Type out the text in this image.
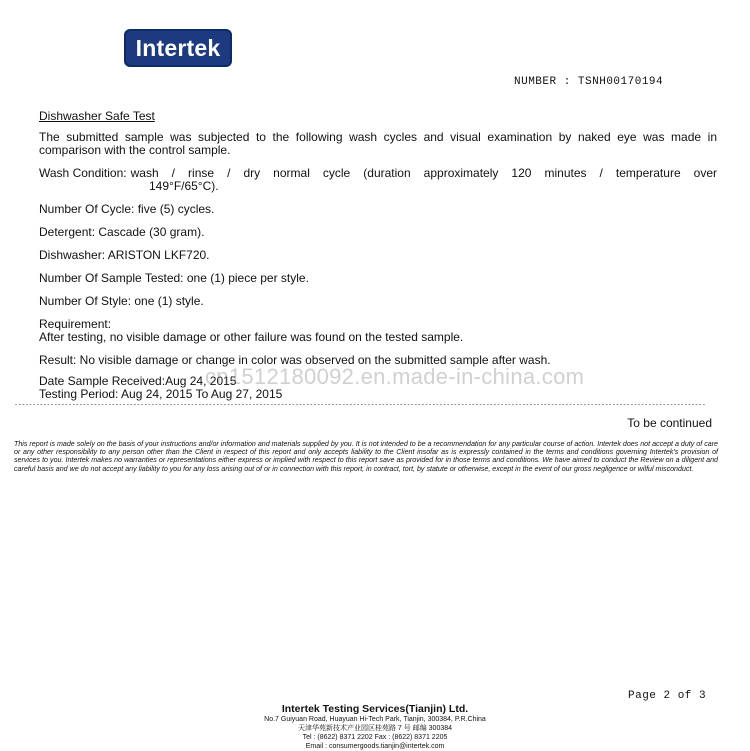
Intertek
NUMBER : TSNH00170194
Dishwasher Safe Test
The submitted sample was subjected to the following wash cycles and visual examination by naked eye was made in comparison with the control sample.
Wash Condition: wash / rinse / dry normal cycle (duration approximately 120 minutes / temperature over
149°F/65°C).
Number Of Cycle: five (5) cycles.
Detergent: Cascade (30 gram).
Dishwasher: ARISTON LKF720.
Number Of Sample Tested: one (1) piece per style.
Number Of Style: one (1) style.
Requirement:
After testing, no visible damage or other failure was found on the tested sample.
Result: No visible damage or change in color was observed on the submitted sample after wash.
Date Sample Received:Aug 24, 2015
Testing Period: Aug 24, 2015 To Aug 27, 2015
cn1512180092.en.made-in-china.com
************************************************************************************************************************************************************************************************
To be continued
This report is made solely on the basis of your instructions and/or information and materials supplied by you. It is not intended to be a recommendation for any particular course of action. Intertek does not accept a duty of care or any other responsibility to any person other than the Client in respect of this report and only accepts liability to the Client insofar as is expressly contained in the terms and conditions governing Intertek's provision of services to you. Intertek makes no warranties or representations either express or implied with respect to this report save as provided for in those terms and conditions. We have aimed to conduct the Review on a diligent and careful basis and we do not accept any liability to you for any loss arising out of or in connection with this report, in contract, tort, by statute or otherwise, except in the event of our gross negligence or wilful misconduct.
Page 2 of 3
Intertek Testing Services(Tianjin) Ltd.
No.7 Guiyuan Road, Huayuan Hi-Tech Park, Tianjin, 300384, P.R.China
天津华苑新技术产业园区桂苑路 7 号 邮编 300384
Tel : (8622) 8371 2202 Fax : (8622) 8371 2205
Email : consumergoods.tianjin@intertek.com
